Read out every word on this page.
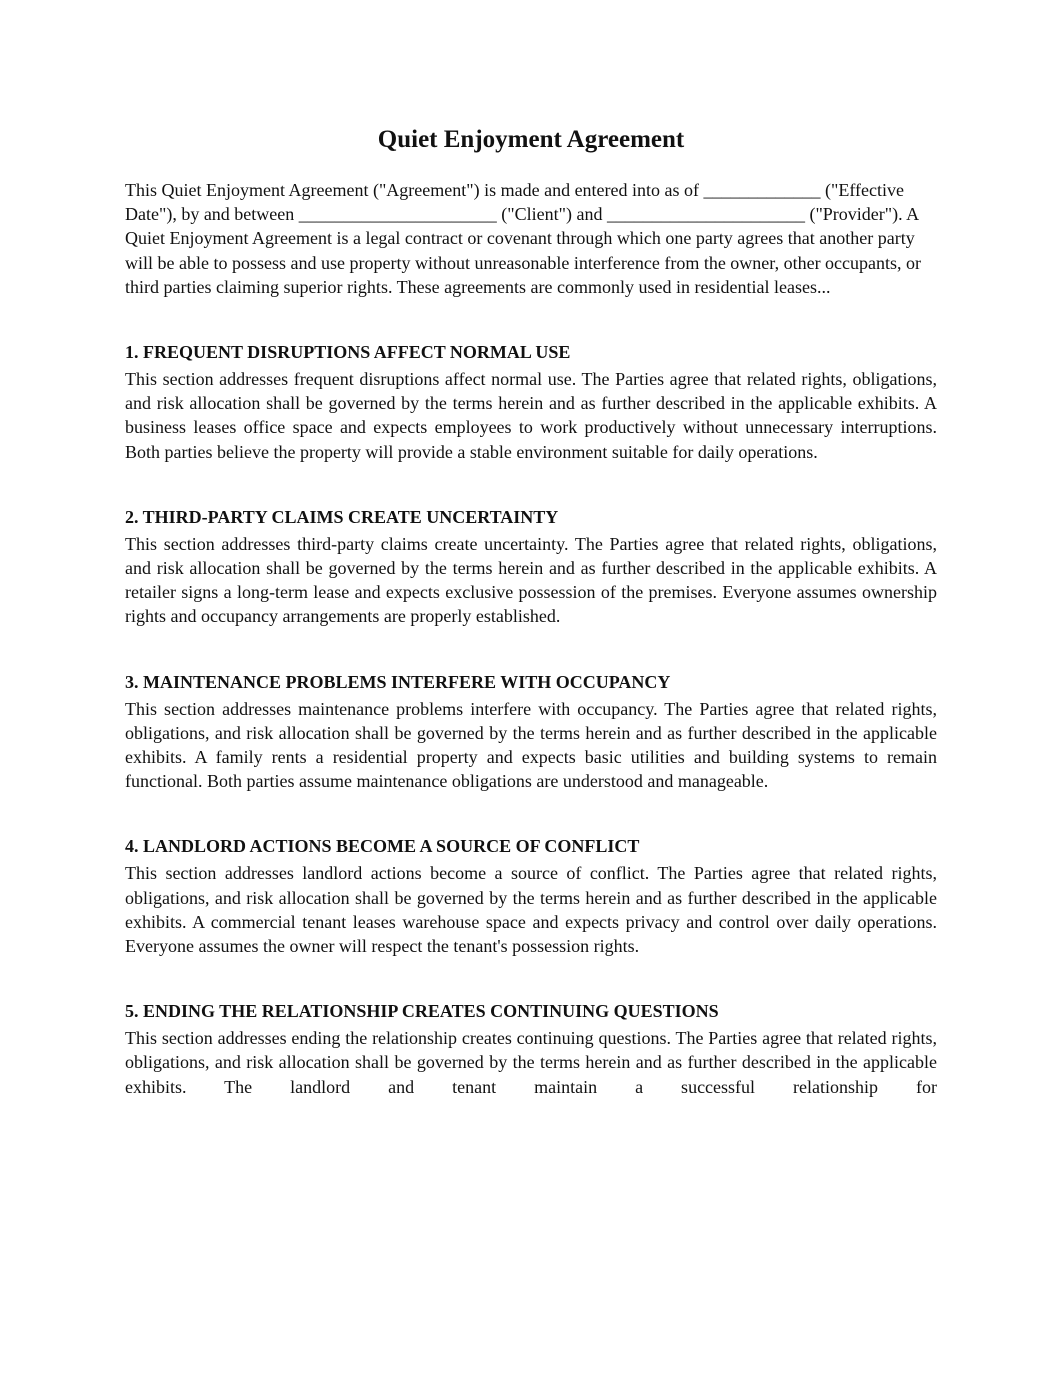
Quiet Enjoyment Agreement

This Quiet Enjoyment Agreement ("Agreement") is made and entered into as of _____________ ("Effective Date"), by and between ______________________ ("Client") and ______________________ ("Provider"). A Quiet Enjoyment Agreement is a legal contract or covenant through which one party agrees that another party will be able to possess and use property without unreasonable interference from the owner, other occupants, or third parties claiming superior rights. These agreements are commonly used in residential leases...

1. FREQUENT DISRUPTIONS AFFECT NORMAL USE

This section addresses frequent disruptions affect normal use. The Parties agree that related rights, obligations, and risk allocation shall be governed by the terms herein and as further described in the applicable exhibits. A business leases office space and expects employees to work productively without unnecessary interruptions. Both parties believe the property will provide a stable environment suitable for daily operations.

2. THIRD-PARTY CLAIMS CREATE UNCERTAINTY

This section addresses third-party claims create uncertainty. The Parties agree that related rights, obligations, and risk allocation shall be governed by the terms herein and as further described in the applicable exhibits. A retailer signs a long-term lease and expects exclusive possession of the premises. Everyone assumes ownership rights and occupancy arrangements are properly established.

3. MAINTENANCE PROBLEMS INTERFERE WITH OCCUPANCY

This section addresses maintenance problems interfere with occupancy. The Parties agree that related rights, obligations, and risk allocation shall be governed by the terms herein and as further described in the applicable exhibits. A family rents a residential property and expects basic utilities and building systems to remain functional. Both parties assume maintenance obligations are understood and manageable.

4. LANDLORD ACTIONS BECOME A SOURCE OF CONFLICT

This section addresses landlord actions become a source of conflict. The Parties agree that related rights, obligations, and risk allocation shall be governed by the terms herein and as further described in the applicable exhibits. A commercial tenant leases warehouse space and expects privacy and control over daily operations. Everyone assumes the owner will respect the tenant's possession rights.

5. ENDING THE RELATIONSHIP CREATES CONTINUING QUESTIONS

This section addresses ending the relationship creates continuing questions. The Parties agree that related rights, obligations, and risk allocation shall be governed by the terms herein and as further described in the applicable exhibits. The landlord and tenant maintain a successful relationship for
